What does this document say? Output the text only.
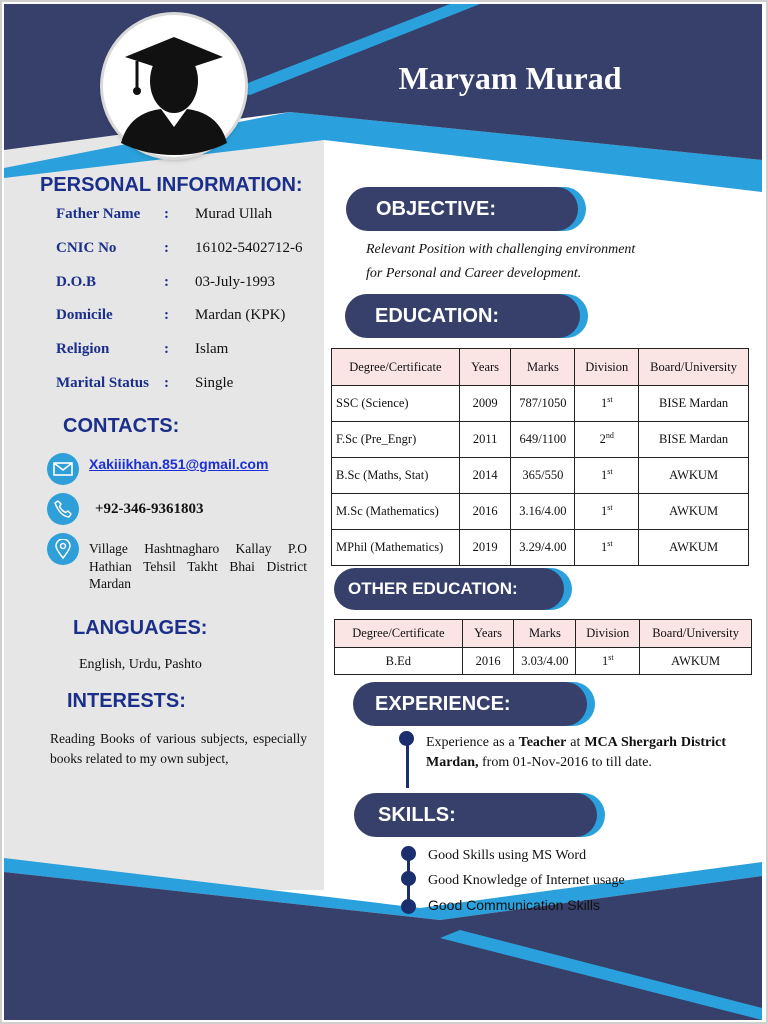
Maryam Murad
PERSONAL INFORMATION:
Father Name	: Murad Ullah
CNIC No	: 16102-5402712-6
D.O.B	: 03-July-1993
Domicile	: Mardan (KPK)
Religion	: Islam
Marital Status	: Single
CONTACTS:
Xakiiikhan.851@gmail.com
+92-346-9361803
Village Hashtnagharo Kallay P.O Hathian Tehsil Takht Bhai District Mardan
LANGUAGES:
English, Urdu, Pashto
INTERESTS:
Reading Books of various subjects, especially books related to my own subject,
OBJECTIVE:
Relevant Position with challenging environment
for Personal and Career development.
EDUCATION:
Degree/Certificate	Years	Marks	Division	Board/University
SSC (Science)	2009	787/1050	1st	BISE Mardan
F.Sc (Pre_Engr)	2011	649/1100	2nd	BISE Mardan
B.Sc (Maths, Stat)	2014	365/550	1st	AWKUM
M.Sc (Mathematics)	2016	3.16/4.00	1st	AWKUM
MPhil (Mathematics)	2019	3.29/4.00	1st	AWKUM
OTHER EDUCATION:
Degree/Certificate	Years	Marks	Division	Board/University
B.Ed	2016	3.03/4.00	1st	AWKUM
EXPERIENCE:
Experience as a Teacher at MCA Shergarh District Mardan, from 01-Nov-2016 to till date.
SKILLS:
Good Skills using MS Word
Good Knowledge of Internet usage
Good Communication Skills
